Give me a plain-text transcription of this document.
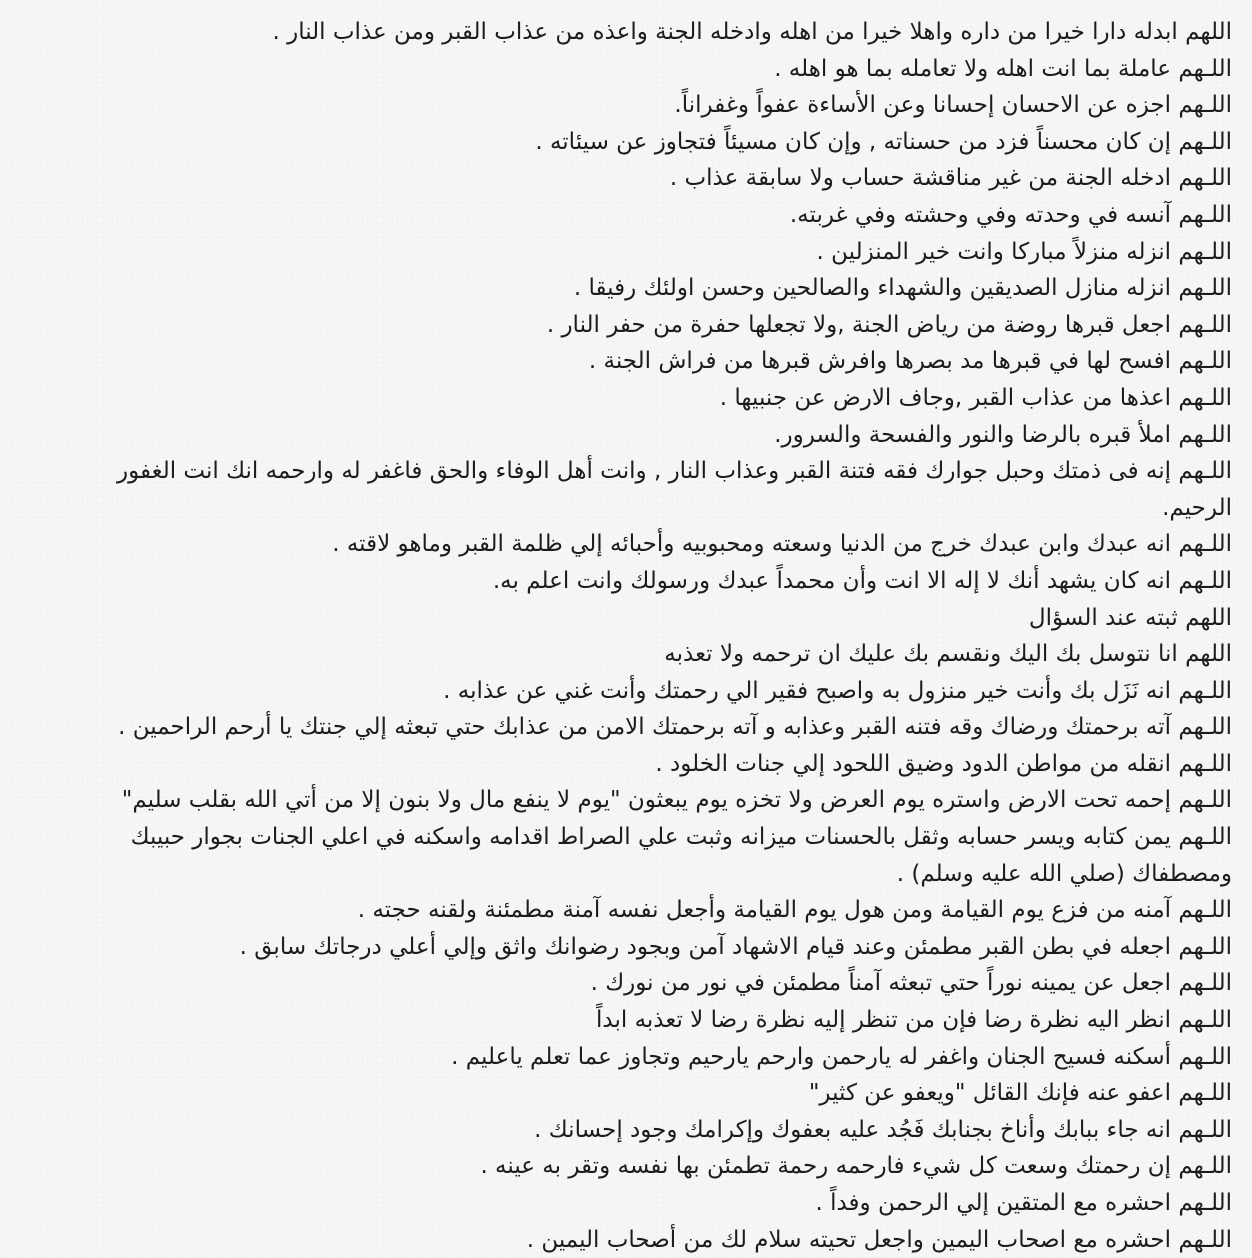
اللهم ابدله دارا خيرا من داره واهلا خيرا من اهله وادخله الجنة واعذه من عذاب القبر ومن عذاب النار .

اللـهم عاملة بما انت اهله ولا تعامله بما هو اهله .

اللـهم اجزه عن الاحسان إحسانا وعن الأساءة عفواً وغفراناً.

اللـهم إن كان محسناً فزد من حسناته , وإن كان مسيئاً فتجاوز عن سيئاته .

اللـهم ادخله الجنة من غير مناقشة حساب ولا سابقة عذاب .

اللـهم آنسه في وحدته وفي وحشته وفي غربته.

اللـهم انزله منزلاً مباركا وانت خير المنزلين .

اللـهم انزله منازل الصديقين والشهداء والصالحين وحسن اولئك رفيقا .

اللـهم اجعل قبرها روضة من رياض الجنة ,ولا تجعلها حفرة من حفر النار .

اللـهم افسح لها في قبرها مد بصرها وافرش قبرها من فراش الجنة .

اللـهم اعذها من عذاب القبر ,وجاف الارض عن جنبيها .

اللـهم املأ قبره بالرضا والنور والفسحة والسرور.

اللـهم إنه فى ذمتك وحبل جوارك فقه فتنة القبر وعذاب النار , وانت أهل الوفاء والحق فاغفر له وارحمه انك انت الغفور

الرحيم.

اللـهم انه عبدك وابن عبدك خرج من الدنيا وسعته ومحبوبيه وأحبائه إلي ظلمة القبر وماهو لاقته .

اللـهم انه كان يشهد أنك لا إله الا انت وأن محمداً عبدك ورسولك وانت اعلم به.

اللهم ثبته عند السؤال

اللهم انا نتوسل بك اليك ونقسم بك عليك ان ترحمه ولا تعذبه

اللـهم انه نَزَل بك وأنت خير منزول به واصبح فقير الي رحمتك وأنت غني عن عذابه .

اللـهم آته برحمتك ورضاك وقه فتنه القبر وعذابه و آته برحمتك الامن من عذابك حتي تبعثه إلي جنتك يا أرحم الراحمين .

اللـهم انقله من مواطن الدود وضيق اللحود إلي جنات الخلود .

اللـهم إحمه تحت الارض واستره يوم العرض ولا تخزه يوم يبعثون "يوم لا ينفع مال ولا بنون إلا من أتي الله بقلب سليم"

اللـهم يمن كتابه ويسر حسابه وثقل بالحسنات ميزانه وثبت علي الصراط اقدامه واسكنه في اعلي الجنات بجوار حبيبك

ومصطفاك (صلي الله عليه وسلم) .

اللـهم آمنه من فزع يوم القيامة ومن هول يوم القيامة وأجعل نفسه آمنة مطمئنة ولقنه حجته .

اللـهم اجعله في بطن القبر مطمئن وعند قيام الاشهاد آمن وبجود رضوانك واثق وإلي أعلي درجاتك سابق .

اللـهم اجعل عن يمينه نوراً حتي تبعثه آمناً مطمئن في نور من نورك .

اللـهم انظر اليه نظرة رضا فإن من تنظر إليه نظرة رضا لا تعذبه ابداً

اللـهم أسكنه فسيح الجنان واغفر له يارحمن وارحم يارحيم وتجاوز عما تعلم ياعليم .

اللـهم اعفو عنه فإنك القائل "ويعفو عن كثير"

اللـهم انه جاء ببابك وأناخ بجنابك فَجُد عليه بعفوك وإكرامك وجود إحسانك .

اللـهم إن رحمتك وسعت كل شيء فارحمه رحمة تطمئن بها نفسه وتقر به عينه .

اللـهم احشره مع المتقين إلي الرحمن وفداً .

اللـهم احشره مع اصحاب اليمين واجعل تحيته سلام لك من أصحاب اليمين .
